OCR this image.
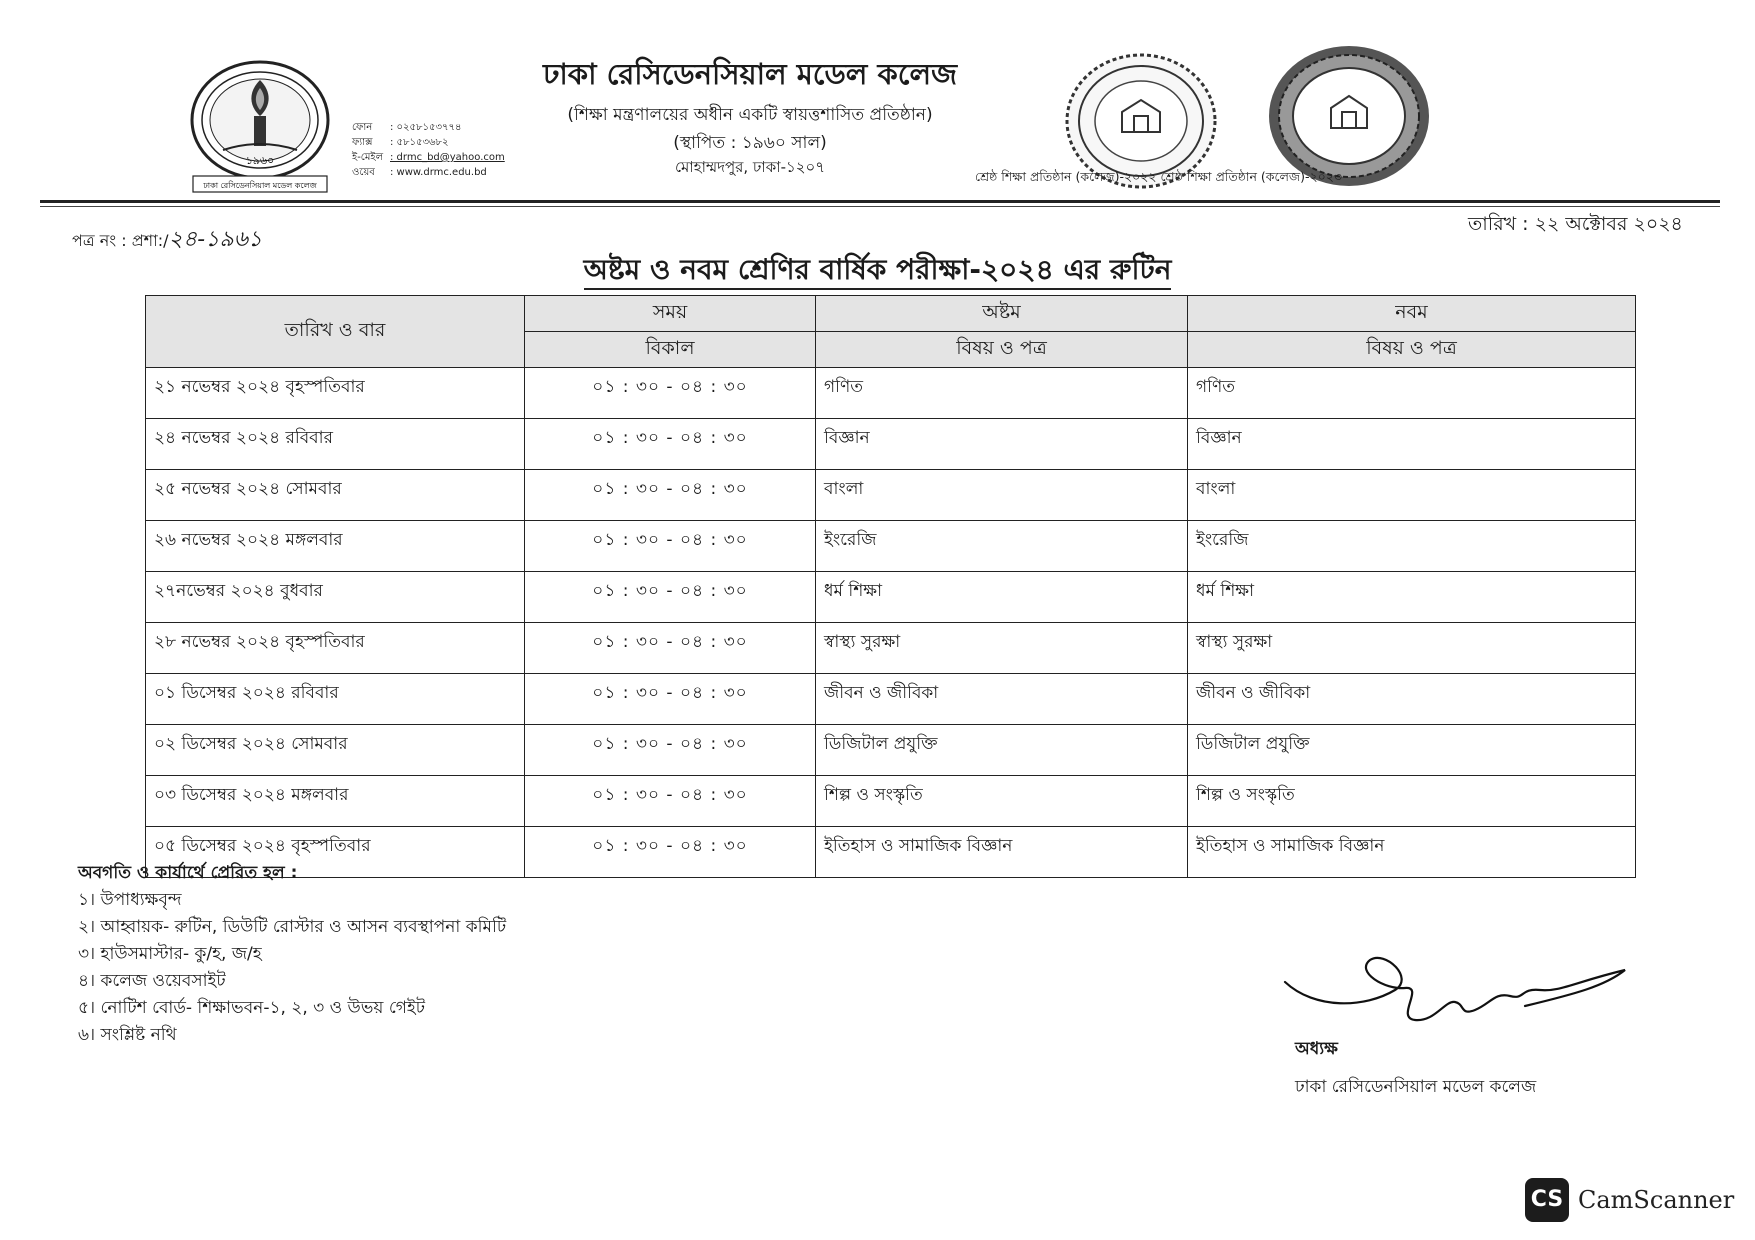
১৯৬০
ঢাকা রেসিডেনসিয়াল মডেল কলেজ
ফোন : ০২৫৮১৫৩৭৭৪
ফ্যাক্স : ৫৮১৫৩৬৮২
ই-মেইল : drmc_bd@yahoo.com
ওয়েব : www.drmc.edu.bd
ঢাকা রেসিডেনসিয়াল মডেল কলেজ
(শিক্ষা মন্ত্রণালয়ের অধীন একটি স্বায়ত্তশাসিত প্রতিষ্ঠান)
(স্থাপিত : ১৯৬০ সাল)
মোহাম্মদপুর, ঢাকা-১২০৭
শ্রেষ্ঠ শিক্ষা প্রতিষ্ঠান (কলেজ)-২০২২ শ্রেষ্ঠ শিক্ষা প্রতিষ্ঠান (কলেজ)-২০২৩
পত্র নং : প্রশা:/২৪-১৯৬১
তারিখ : ২২ অক্টোবর ২০২৪
অষ্টম ও নবম শ্রেণির বার্ষিক পরীক্ষা-২০২৪ এর রুটিন
তারিখ ও বার	সময়	অষ্টম	নবম
	বিকাল	বিষয় ও পত্র	বিষয় ও পত্র
২১ নভেম্বর ২০২৪ বৃহস্পতিবার	০১ : ৩০ - ০৪ : ৩০	গণিত	গণিত
২৪ নভেম্বর ২০২৪ রবিবার	০১ : ৩০ - ০৪ : ৩০	বিজ্ঞান	বিজ্ঞান
২৫ নভেম্বর ২০২৪ সোমবার	০১ : ৩০ - ০৪ : ৩০	বাংলা	বাংলা
২৬ নভেম্বর ২০২৪ মঙ্গলবার	০১ : ৩০ - ০৪ : ৩০	ইংরেজি	ইংরেজি
২৭নভেম্বর ২০২৪ বুধবার	০১ : ৩০ - ০৪ : ৩০	ধর্ম শিক্ষা	ধর্ম শিক্ষা
২৮ নভেম্বর ২০২৪ বৃহস্পতিবার	০১ : ৩০ - ০৪ : ৩০	স্বাস্থ্য সুরক্ষা	স্বাস্থ্য সুরক্ষা
০১ ডিসেম্বর ২০২৪ রবিবার	০১ : ৩০ - ০৪ : ৩০	জীবন ও জীবিকা	জীবন ও জীবিকা
০২ ডিসেম্বর ২০২৪ সোমবার	০১ : ৩০ - ০৪ : ৩০	ডিজিটাল প্রযুক্তি	ডিজিটাল প্রযুক্তি
০৩ ডিসেম্বর ২০২৪ মঙ্গলবার	০১ : ৩০ - ০৪ : ৩০	শিল্প ও সংস্কৃতি	শিল্প ও সংস্কৃতি
০৫ ডিসেম্বর ২০২৪ বৃহস্পতিবার	০১ : ৩০ - ০৪ : ৩০	ইতিহাস ও সামাজিক বিজ্ঞান	ইতিহাস ও সামাজিক বিজ্ঞান
অবগতি ও কার্যার্থে প্রেরিত হল :
১। উপাধ্যক্ষবৃন্দ
২। আহ্বায়ক- রুটিন, ডিউটি রোস্টার ও আসন ব্যবস্থাপনা কমিটি
৩। হাউসমাস্টার- কু/হ, জ/হ
৪। কলেজ ওয়েবসাইট
৫। নোটিশ বোর্ড- শিক্ষাভবন-১, ২, ৩ ও উভয় গেইট
৬। সংশ্লিষ্ট নথি
অধ্যক্ষ
ঢাকা রেসিডেনসিয়াল মডেল কলেজ
CS CamScanner
